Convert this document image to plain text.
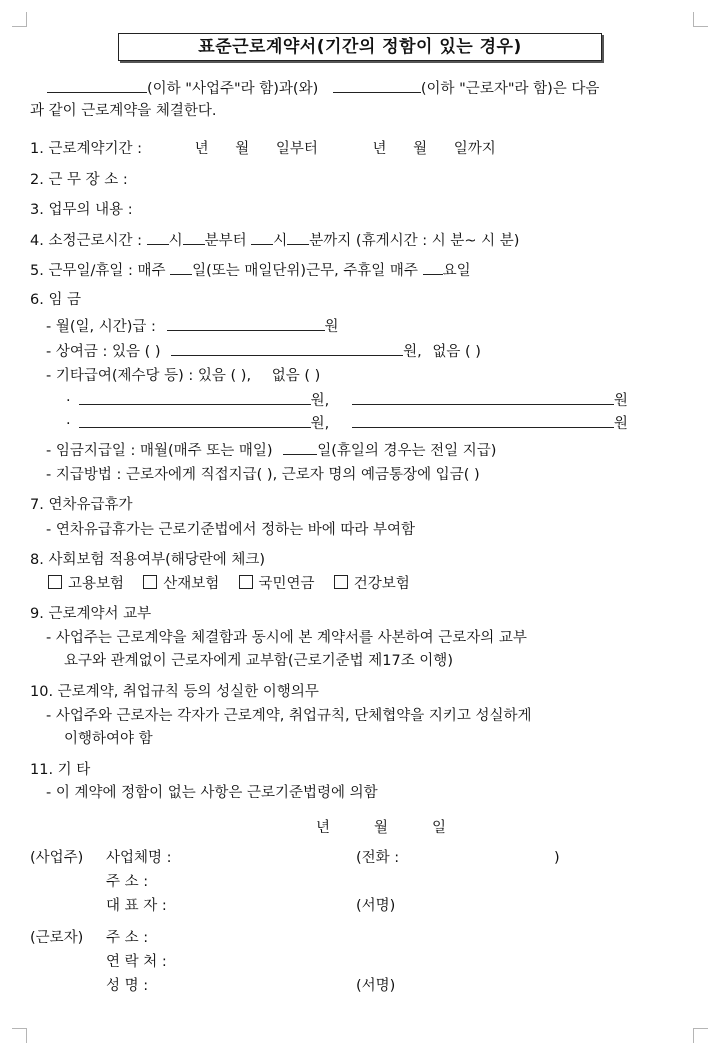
표준근로계약서(기간의 정함이 있는 경우)
(이하 "사업주"라 함)과(와)	(이하 "근로자"라 함)은 다음
과 같이 근로계약을 체결한다.
1. 근로계약기간 :	년 월 일부터	년 월 일까지
2. 근 무 장 소 :
3. 업무의 내용 :
4. 소정근로시간 : 시 분부터 시 분까지 (휴게시간 : 시 분~ 시 분)
5. 근무일/휴일 : 매주 일(또는 매일단위)근무, 주휴일 매주 요일
6. 임 금
- 월(일, 시간)급 :	원
- 상여금 : 있음 ( )	원, 없음 ( )
- 기타급여(제수당 등) : 있음 ( ), 없음 ( )
·	원,	원
·	원,	원
- 임금지급일 : 매월(매주 또는 매일)	일(휴일의 경우는 전일 지급)
- 지급방법 : 근로자에게 직접지급( ), 근로자 명의 예금통장에 입금( )
7. 연차유급휴가
- 연차유급휴가는 근로기준법에서 정하는 바에 따라 부여함
8. 사회보험 적용여부(해당란에 체크)
고용보험	산재보험	국민연금	건강보험
9. 근로계약서 교부
- 사업주는 근로계약을 체결함과 동시에 본 계약서를 사본하여 근로자의 교부
요구와 관계없이 근로자에게 교부함(근로기준법 제17조 이행)
10. 근로계약, 취업규칙 등의 성실한 이행의무
- 사업주와 근로자는 각자가 근로계약, 취업규칙, 단체협약을 지키고 성실하게
이행하여야 함
11. 기 타
- 이 계약에 정함이 없는 사항은 근로기준법령에 의함
년	월	일
(사업주) 사업체명 :	(전화 :	)
주 소 :
대 표 자 :	(서명)
(근로자) 주 소 :
연 락 처 :
성 명 :	(서명)
